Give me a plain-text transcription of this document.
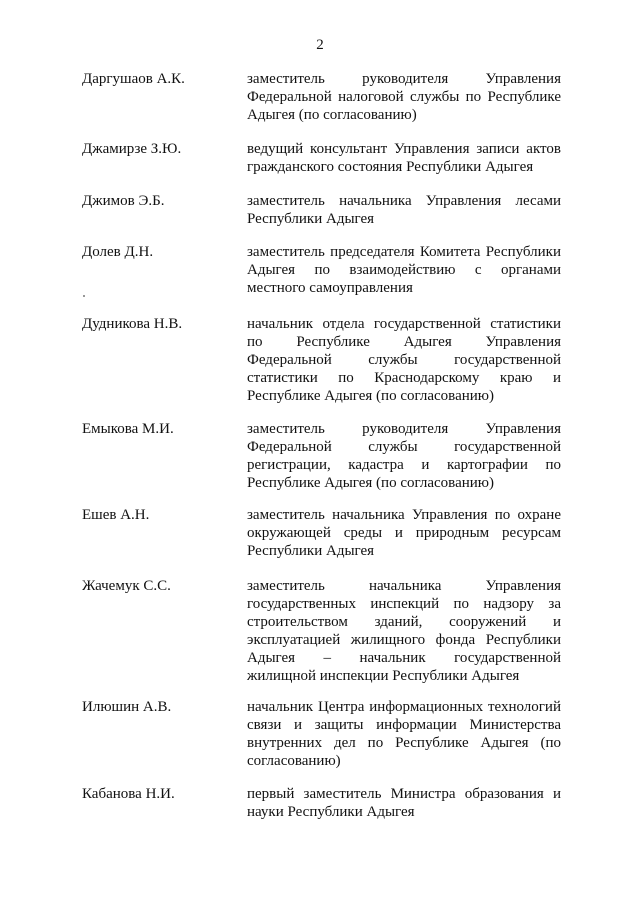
2
Даргушаов А.К.	заместитель руководителя Управления
Федеральной налоговой службы по Республике
Адыгея (по согласованию)
Джамирзе З.Ю.	ведущий консультант Управления записи актов
гражданского состояния Республики Адыгея
Джимов Э.Б.	заместитель начальника Управления лесами
Республики Адыгея
Долев Д.Н.	заместитель председателя Комитета Республики
Адыгея по взаимодействию с органами
местного самоуправления
Дудникова Н.В.	начальник отдела государственной статистики
по Республике Адыгея Управления
Федеральной службы государственной
статистики по Краснодарскому краю и
Республике Адыгея (по согласованию)
Емыкова М.И.	заместитель руководителя Управления
Федеральной службы государственной
регистрации, кадастра и картографии по
Республике Адыгея (по согласованию)
Ешев А.Н.	заместитель начальника Управления по охране
окружающей среды и природным ресурсам
Республики Адыгея
Жачемук С.С.	заместитель начальника Управления
государственных инспекций по надзору за
строительством зданий, сооружений и
эксплуатацией жилищного фонда Республики
Адыгея – начальник государственной
жилищной инспекции Республики Адыгея
Илюшин А.В.	начальник Центра информационных технологий
связи и защиты информации Министерства
внутренних дел по Республике Адыгея (по
согласованию)
Кабанова Н.И.	первый заместитель Министра образования и
науки Республики Адыгея
